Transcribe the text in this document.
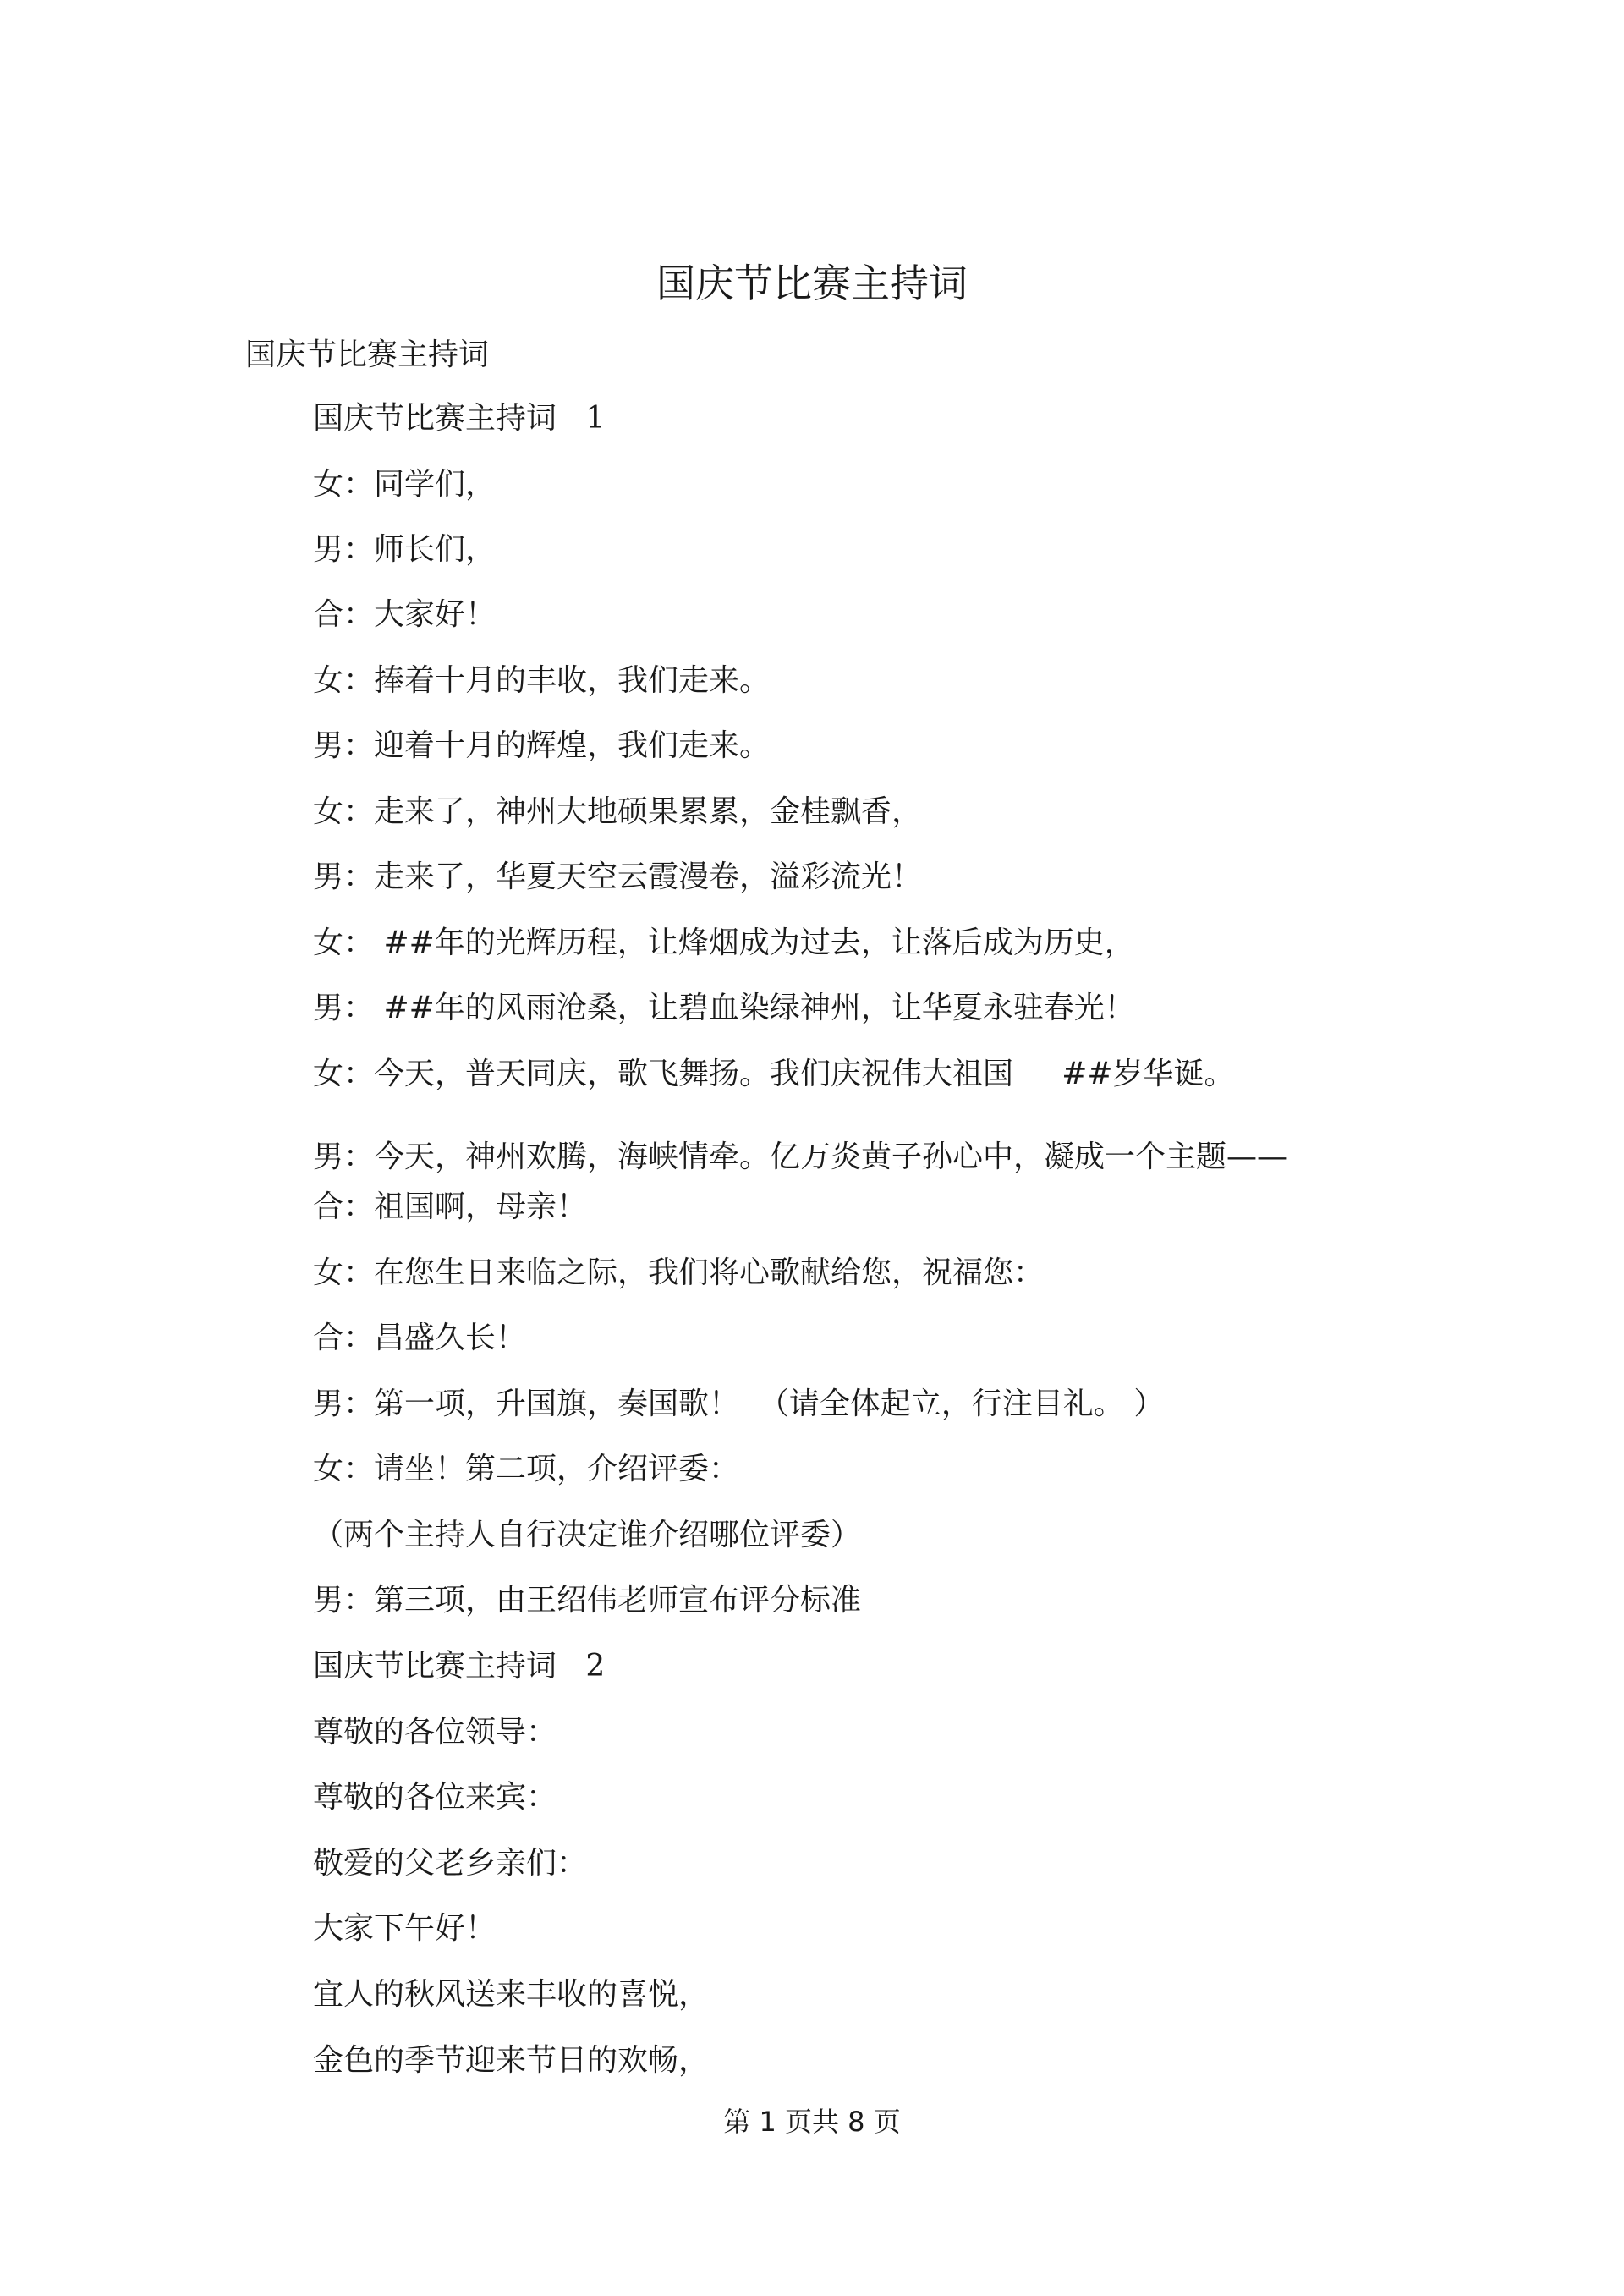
国庆节比赛主持词
国庆节比赛主持词
国庆节比赛主持词   1
女：同学们，
男：师长们，
合：大家好！
女：捧着十月的丰收，我们走来。
男：迎着十月的辉煌，我们走来。
女：走来了，神州大地硕果累累，金桂飘香，
男：走来了，华夏天空云霞漫卷，溢彩流光！
女： ##年的光辉历程，让烽烟成为过去，让落后成为历史，
男： ##年的风雨沧桑，让碧血染绿神州，让华夏永驻春光！
女：今天，普天同庆，歌飞舞扬。我们庆祝伟大祖国     ##岁华诞。
男：今天，神州欢腾，海峡情牵。亿万炎黄子孙心中，凝成一个主题——
合：祖国啊，母亲！
女：在您生日来临之际，我们将心歌献给您，祝福您：
合：昌盛久长！
男：第一项，升国旗，奏国歌！  （请全体起立，行注目礼。 ）
女：请坐！第二项，介绍评委：
（两个主持人自行决定谁介绍哪位评委）
男：第三项，由王绍伟老师宣布评分标准
国庆节比赛主持词   2
尊敬的各位领导：
尊敬的各位来宾：
敬爱的父老乡亲们：
大家下午好！
宜人的秋风送来丰收的喜悦，
金色的季节迎来节日的欢畅，
第 1 页共 8 页
